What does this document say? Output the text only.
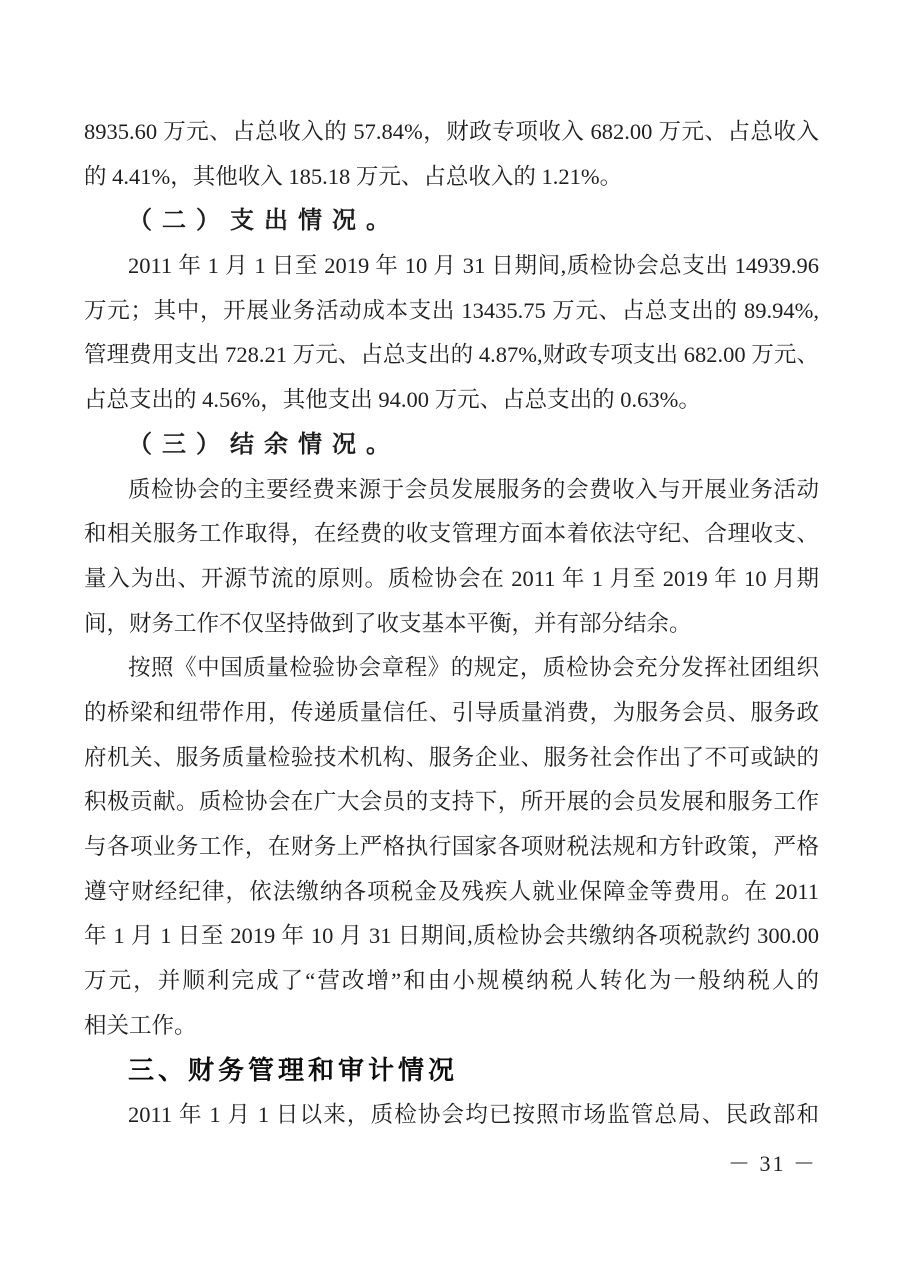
8935.60 万元、占总收入的 57.84%，财政专项收入 682.00 万元、占总收入
的 4.41%，其他收入 185.18 万元、占总收入的 1.21%。
（二）支出情况。
2011 年 1 月 1 日至 2019 年 10 月 31 日期间,质检协会总支出 14939.96
万元；其中，开展业务活动成本支出 13435.75 万元、占总支出的 89.94%,
管理费用支出 728.21 万元、占总支出的 4.87%,财政专项支出 682.00 万元、
占总支出的 4.56%，其他支出 94.00 万元、占总支出的 0.63%。
（三）结余情况。
质检协会的主要经费来源于会员发展服务的会费收入与开展业务活动
和相关服务工作取得，在经费的收支管理方面本着依法守纪、合理收支、
量入为出、开源节流的原则。质检协会在 2011 年 1 月至 2019 年 10 月期
间，财务工作不仅坚持做到了收支基本平衡，并有部分结余。
按照《中国质量检验协会章程》的规定，质检协会充分发挥社团组织
的桥梁和纽带作用，传递质量信任、引导质量消费，为服务会员、服务政
府机关、服务质量检验技术机构、服务企业、服务社会作出了不可或缺的
积极贡献。质检协会在广大会员的支持下，所开展的会员发展和服务工作
与各项业务工作，在财务上严格执行国家各项财税法规和方针政策，严格
遵守财经纪律，依法缴纳各项税金及残疾人就业保障金等费用。在 2011
年 1 月 1 日至 2019 年 10 月 31 日期间,质检协会共缴纳各项税款约 300.00
万元，并顺利完成了“营改增”和由小规模纳税人转化为一般纳税人的
相关工作。
三、财务管理和审计情况
2011 年 1 月 1 日以来，质检协会均已按照市场监管总局、民政部和
－ 31 －
